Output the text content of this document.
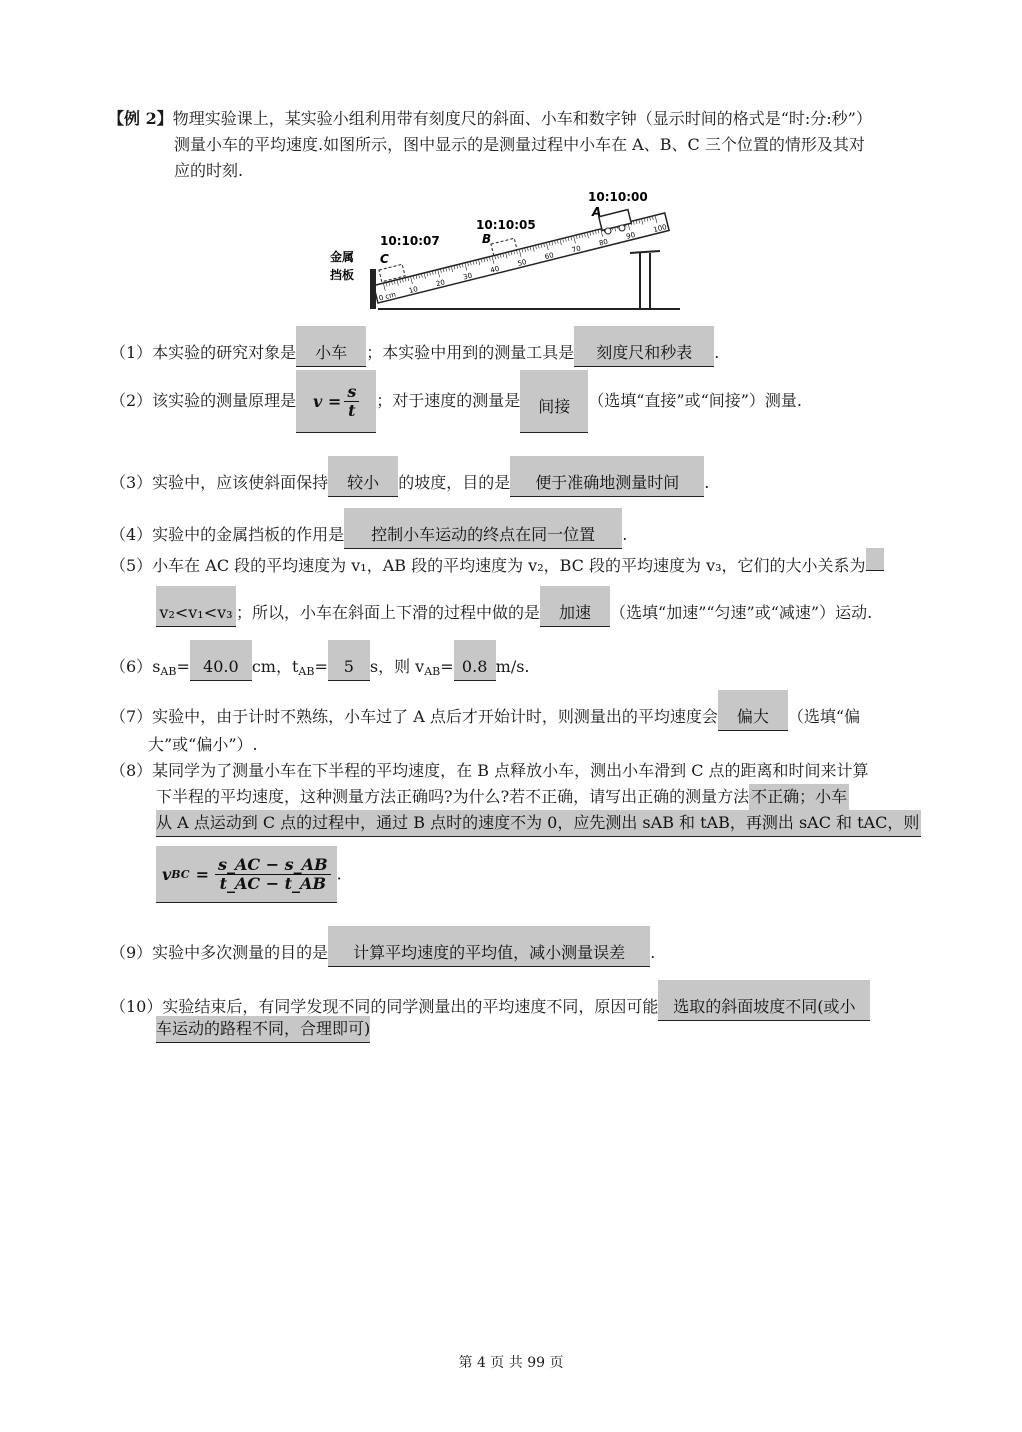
【例 2】物理实验课上，某实验小组利用带有刻度尺的斜面、小车和数字钟（显示时间的格式是“时:分:秒”）
测量小车的平均速度.如图所示，图中显示的是测量过程中小车在 A、B、C 三个位置的情形及其对
应的时刻.
10
20
30
40
50
60
70
80
90
100
0 cm
金属
挡板
10:10:07
C
10:10:05
B
10:10:00
A
（1）本实验的研究对象是 小车 ；本实验中用到的测量工具是 刻度尺和秒表 .
（2）该实验的测量原理是 $v = \frac{s}{t}$ ；对于速度的测量是 间接 （选填“直接”或“间接”）测量.
（3）实验中，应该使斜面保持 较小 的坡度，目的是 便于准确地测量时间 .
（4）实验中的金属挡板的作用是 控制小车运动的终点在同一位置 .
（5）小车在 AC 段的平均速度为 v₁，AB 段的平均速度为 v₂，BC 段的平均速度为 v₃，它们的大小关系为
v₂<v₁<v₃ ；所以，小车在斜面上下滑的过程中做的是 加速 （选填“加速”“匀速”或“减速”）运动.
$(6)s_{AB}= 40.0$ cm，$t_{AB}= 5$ s，则 $v_{AB}= 0.8$ m/s.
（7）实验中，由于计时不熟练，小车过了 A 点后才开始计时，则测量出的平均速度会 偏大 （选填“偏
大”或“偏小”）.
（8）某同学为了测量小车在下半程的平均速度，在 B 点释放小车，测出小车滑到 C 点的距离和时间来计算
下半程的平均速度，这种测量方法正确吗?为什么?若不正确，请写出正确的测量方法 不正确；小车
从 A 点运动到 C 点的过程中，通过 B 点时的速度不为 0，应先测出 sAB 和 tAB，再测出 sAC 和 tAC，则
v BC = $\frac{s\_AC - s\_AB}{t\_AC - t\_AB}$ .
（9）实验中多次测量的目的是 计算平均速度的平均值，减小测量误差 .
（10）实验结束后，有同学发现不同的同学测量出的平均速度不同，原因可能 选取的斜面坡度不同(或小
车运动的路程不同，合理即可)
第 4 页 共 99 页
